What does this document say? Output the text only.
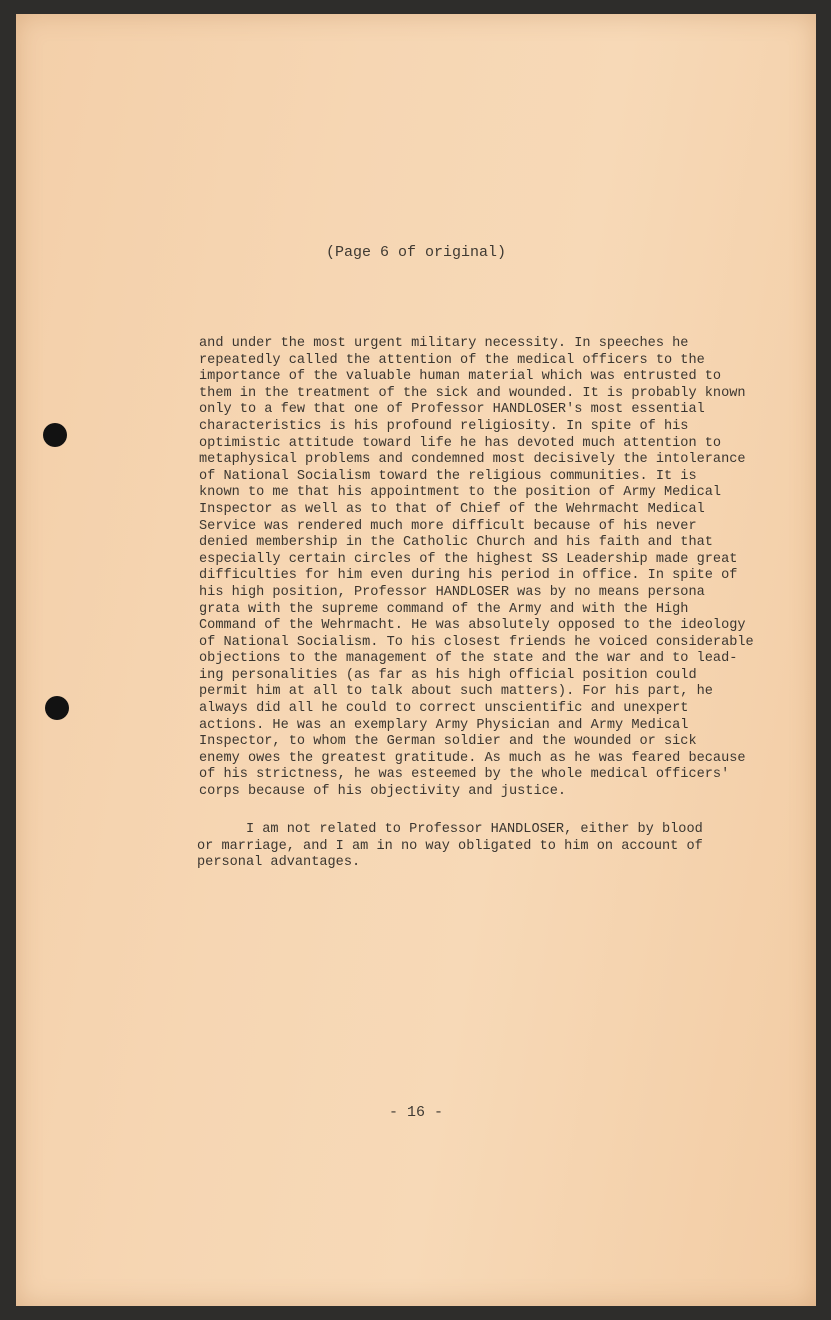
(Page 6 of original)
and under the most urgent military necessity. In speeches he
repeatedly called the attention of the medical officers to the
importance of the valuable human material which was entrusted to
them in the treatment of the sick and wounded. It is probably known
only to a few that one of Professor HANDLOSER's most essential
characteristics is his profound religiosity. In spite of his
optimistic attitude toward life he has devoted much attention to
metaphysical problems and condemned most decisively the intolerance
of National Socialism toward the religious communities. It is
known to me that his appointment to the position of Army Medical
Inspector as well as to that of Chief of the Wehrmacht Medical
Service was rendered much more difficult because of his never
denied membership in the Catholic Church and his faith and that
especially certain circles of the highest SS Leadership made great
difficulties for him even during his period in office. In spite of
his high position, Professor HANDLOSER was by no means persona
grata with the supreme command of the Army and with the High
Command of the Wehrmacht. He was absolutely opposed to the ideology
of National Socialism. To his closest friends he voiced considerable
objections to the management of the state and the war and to lead-
ing personalities (as far as his high official position could
permit him at all to talk about such matters). For his part, he
always did all he could to correct unscientific and unexpert
actions. He was an exemplary Army Physician and Army Medical
Inspector, to whom the German soldier and the wounded or sick
enemy owes the greatest gratitude. As much as he was feared because
of his strictness, he was esteemed by the whole medical officers'
corps because of his objectivity and justice.
I am not related to Professor HANDLOSER, either by blood
or marriage, and I am in no way obligated to him on account of
personal advantages.
- 16 -
